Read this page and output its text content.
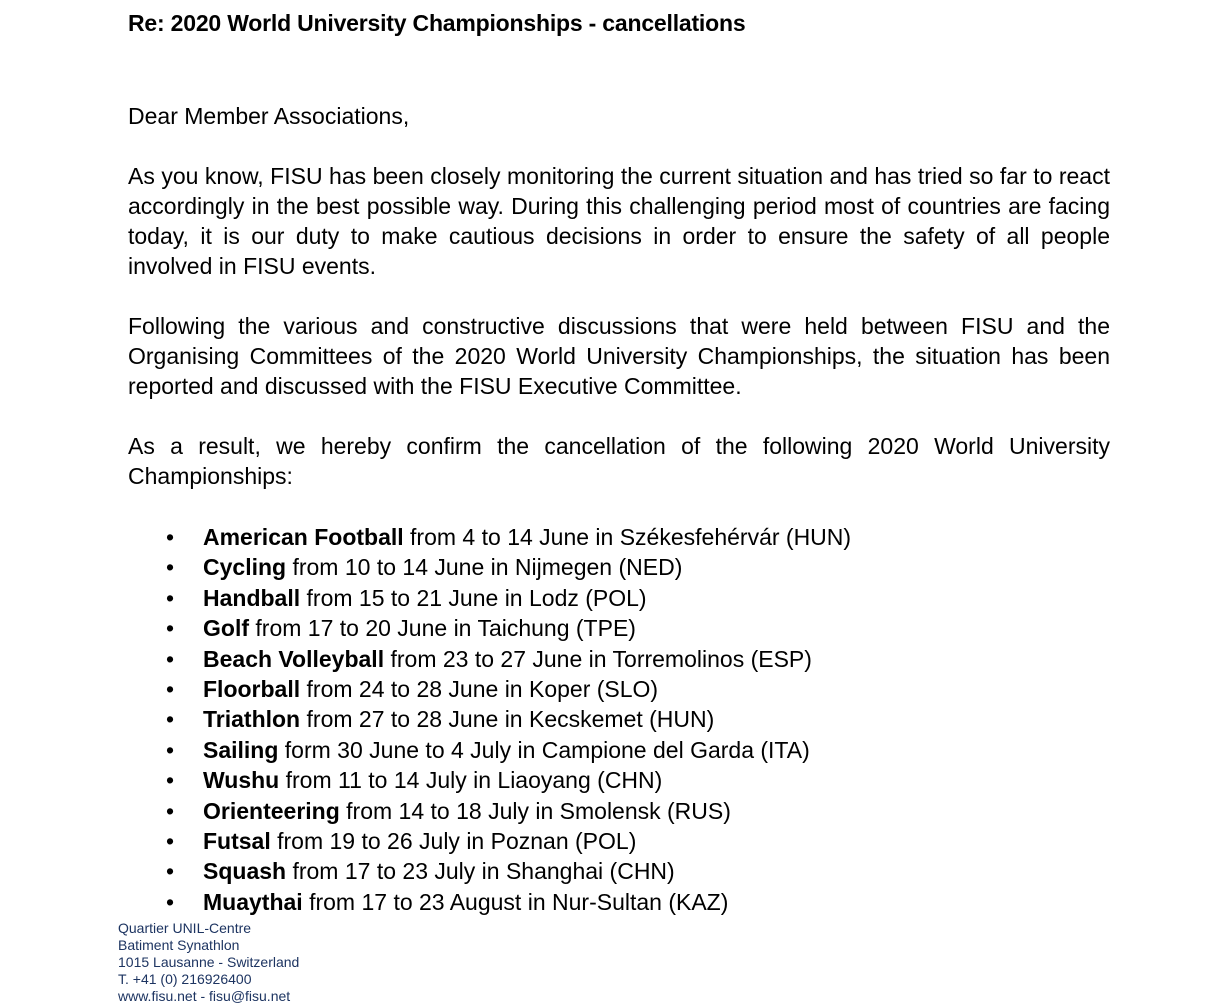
Re: 2020 World University Championships - cancellations
Dear Member Associations,
As you know, FISU has been closely monitoring the current situation and has tried so far to react accordingly in the best possible way. During this challenging period most of countries are facing today, it is our duty to make cautious decisions in order to ensure the safety of all people involved in FISU events.
Following the various and constructive discussions that were held between FISU and the Organising Committees of the 2020 World University Championships, the situation has been reported and discussed with the FISU Executive Committee.
As a result, we hereby confirm the cancellation of the following 2020 World University Championships:
• American Football from 4 to 14 June in Székesfehérvár (HUN)
• Cycling from 10 to 14 June in Nijmegen (NED)
• Handball from 15 to 21 June in Lodz (POL)
• Golf from 17 to 20 June in Taichung (TPE)
• Beach Volleyball from 23 to 27 June in Torremolinos (ESP)
• Floorball from 24 to 28 June in Koper (SLO)
• Triathlon from 27 to 28 June in Kecskemet (HUN)
• Sailing form 30 June to 4 July in Campione del Garda (ITA)
• Wushu from 11 to 14 July in Liaoyang (CHN)
• Orienteering from 14 to 18 July in Smolensk (RUS)
• Futsal from 19 to 26 July in Poznan (POL)
• Squash from 17 to 23 July in Shanghai (CHN)
• Muaythai from 17 to 23 August in Nur-Sultan (KAZ)
Quartier UNIL-Centre
Batiment Synathlon
1015 Lausanne - Switzerland
T. +41 (0) 216926400
www.fisu.net - fisu@fisu.net
